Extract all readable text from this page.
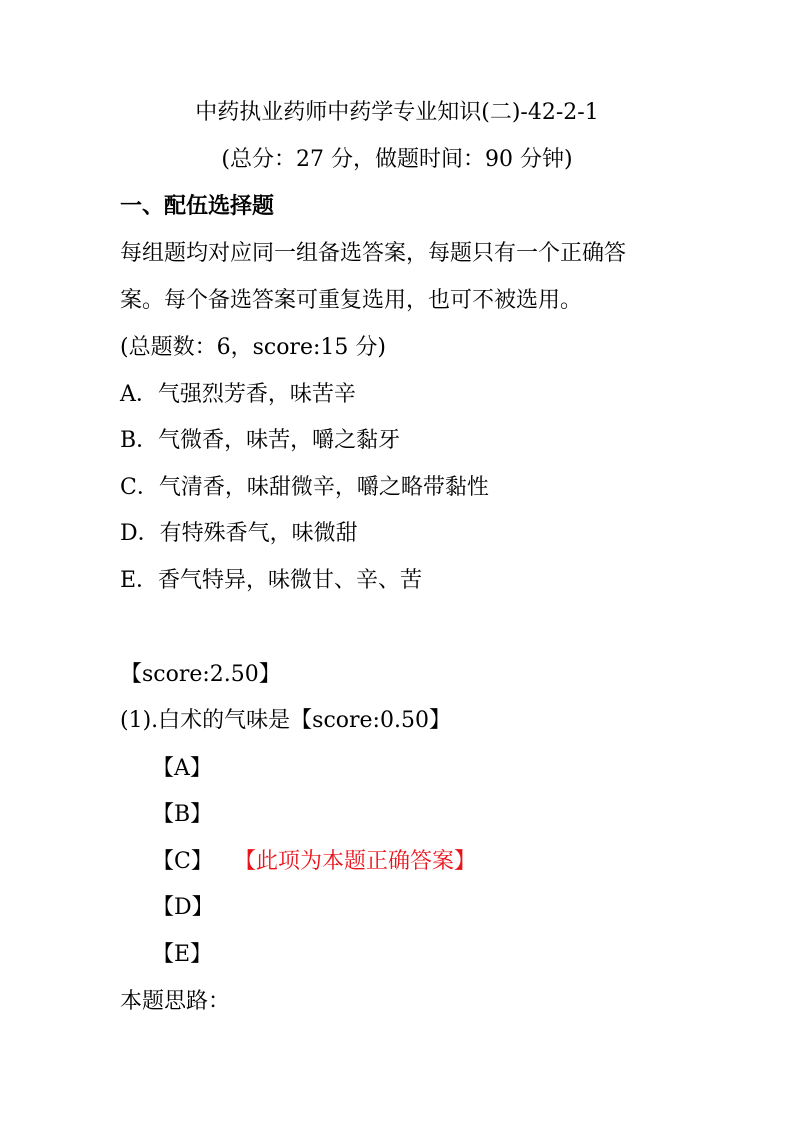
中药执业药师中药学专业知识(二)-42-2-1

(总分：27 分，做题时间：90 分钟)

一、配伍选择题

每组题均对应同一组备选答案，每题只有一个正确答

案。每个备选答案可重复选用，也可不被选用。

(总题数：6，score:15 分)

A．气强烈芳香，味苦辛

B．气微香，味苦，嚼之黏牙

C．气清香，味甜微辛，嚼之略带黏性

D．有特殊香气，味微甜

E．香气特异，味微甘、辛、苦

【score:2.50】

(1).白术的气味是【score:0.50】

【A】

【B】

【C】 【此项为本题正确答案】

【D】

【E】

本题思路：
